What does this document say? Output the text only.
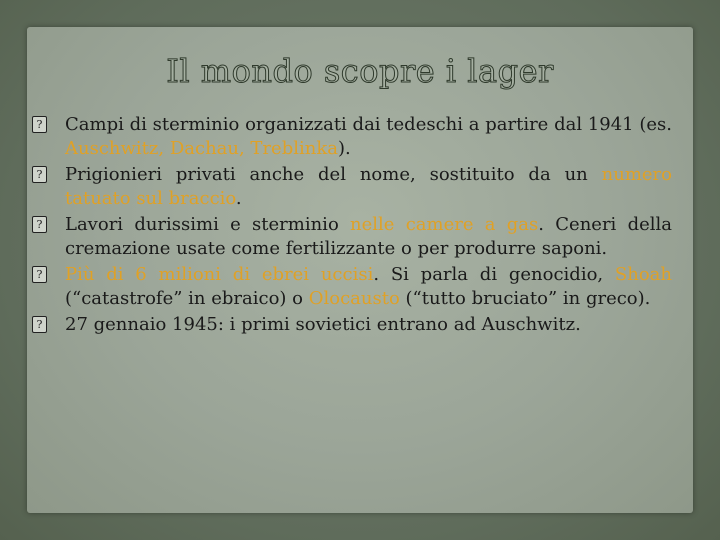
Il mondo scopre i lager
? Campi di sterminio organizzati dai tedeschi a partire dal 1941 (es. Auschwitz, Dachau, Treblinka).
? Prigionieri privati anche del nome, sostituito da un numero tatuato sul braccio.
? Lavori durissimi e sterminio nelle camere a gas. Ceneri della cremazione usate come fertilizzante o per produrre saponi.
? Più di 6 milioni di ebrei uccisi. Si parla di genocidio, Shoah (“catastrofe” in ebraico) o Olocausto (“tutto bruciato” in greco).
? 27 gennaio 1945: i primi sovietici entrano ad Auschwitz.
